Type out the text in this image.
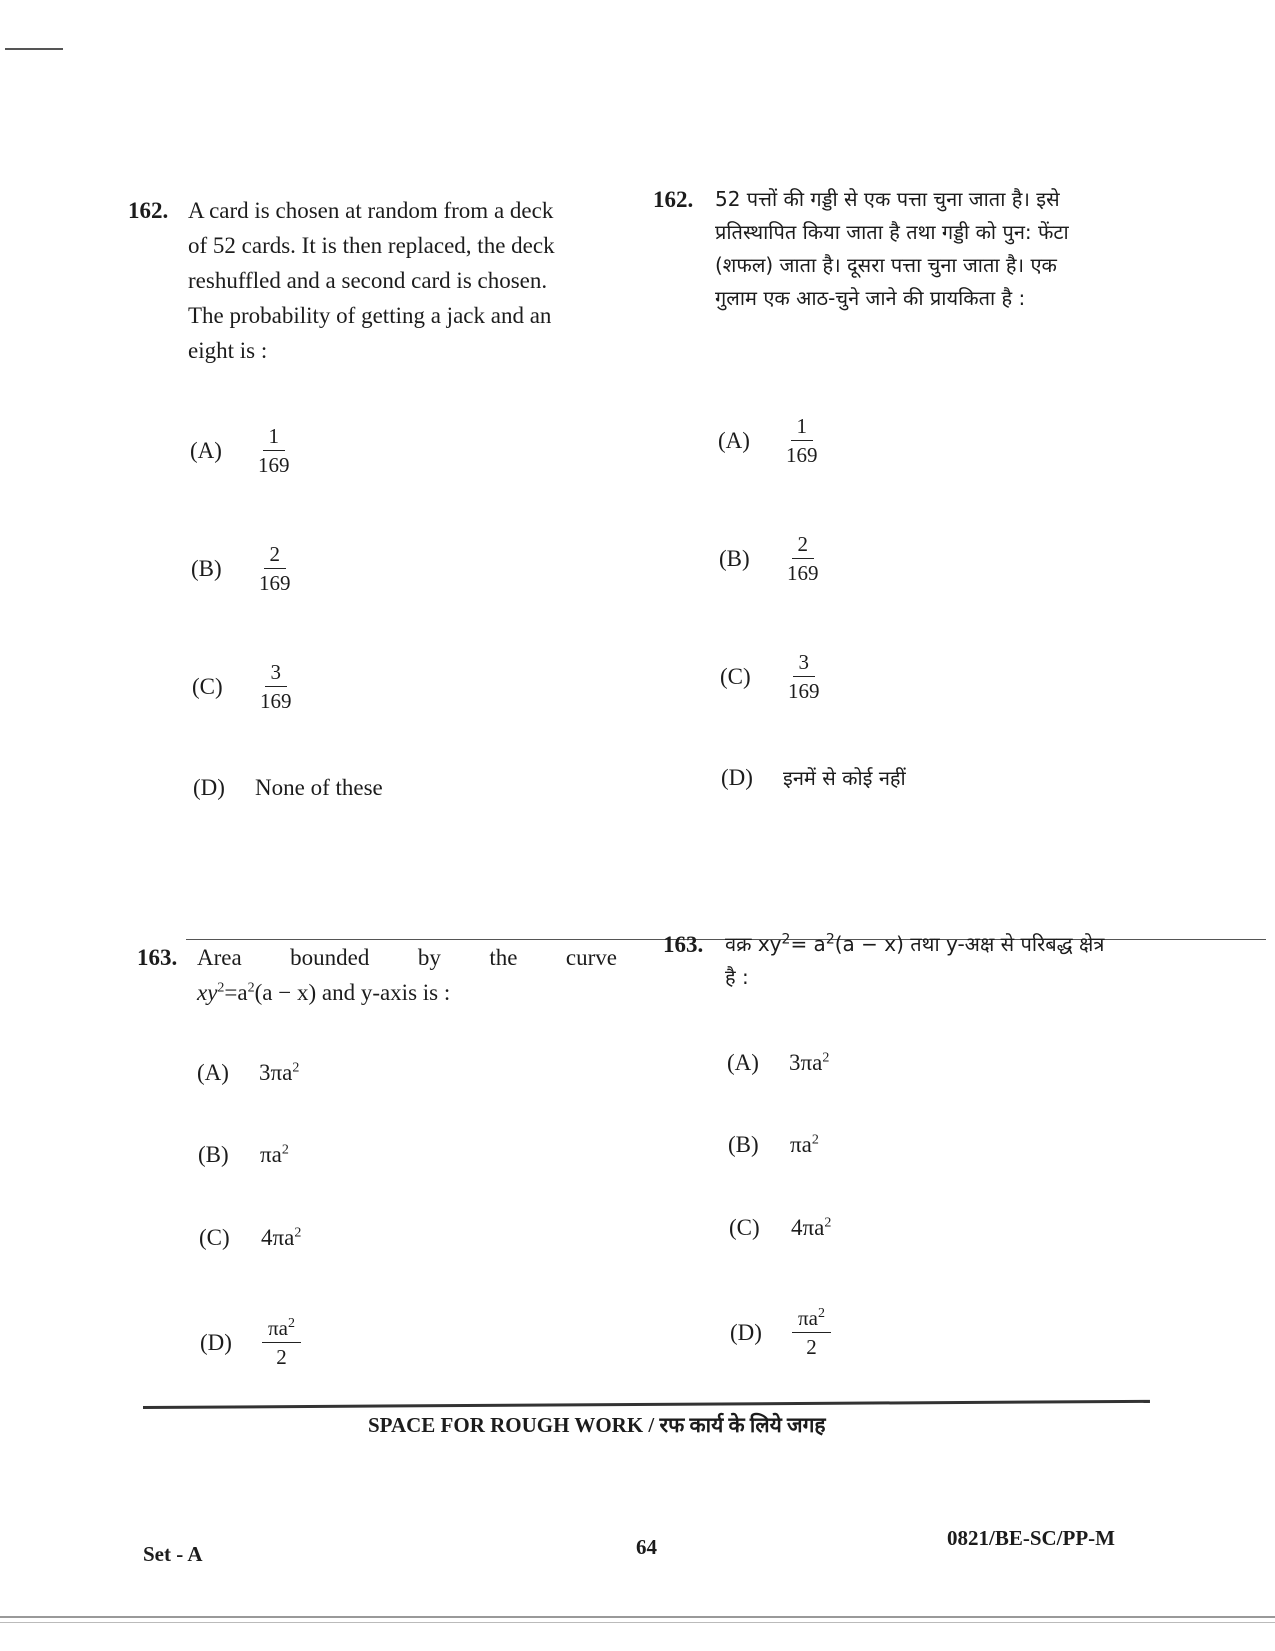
162. A card is chosen at random from a deck
of 52 cards. It is then replaced, the deck
reshuffled and a second card is chosen.
The probability of getting a jack and an
eight is :
162. 52 पत्तों की गड्डी से एक पत्ता चुना जाता है। इसे
प्रतिस्थापित किया जाता है तथा गड्डी को पुन: फेंटा
(शफल) जाता है। दूसरा पत्ता चुना जाता है। एक
गुलाम एक आठ-चुने जाने की प्रायकिता है :
(A)	$\frac{1}{169}$
(B)	$\frac{2}{169}$
(C)	$\frac{3}{169}$
(D)	None of these
(A)	$\frac{1}{169}$
(B)	$\frac{2}{169}$
(C)	$\frac{3}{169}$
(D)	इनमें से कोई नहीं
163. Area bounded by the curve
$xy^2=a^2(a - x)$ and y-axis is :
163. वक्र $xy^2= a^2(a - x)$ तथा y-अक्ष से परिबद्ध क्षेत्र
है :
(A)	$3\pi a^2$
(B)	$\pi a^2$
(C)	$4\pi a^2$
(D)	$\frac{\pi a^2}{2}$
(A)	$3\pi a^2$
(B)	$\pi a^2$
(C)	$4\pi a^2$
(D)	$\frac{\pi a^2}{2}$
SPACE FOR ROUGH WORK / रफ कार्य के लिये जगह
Set - A	64	0821/BE-SC/PP-M
